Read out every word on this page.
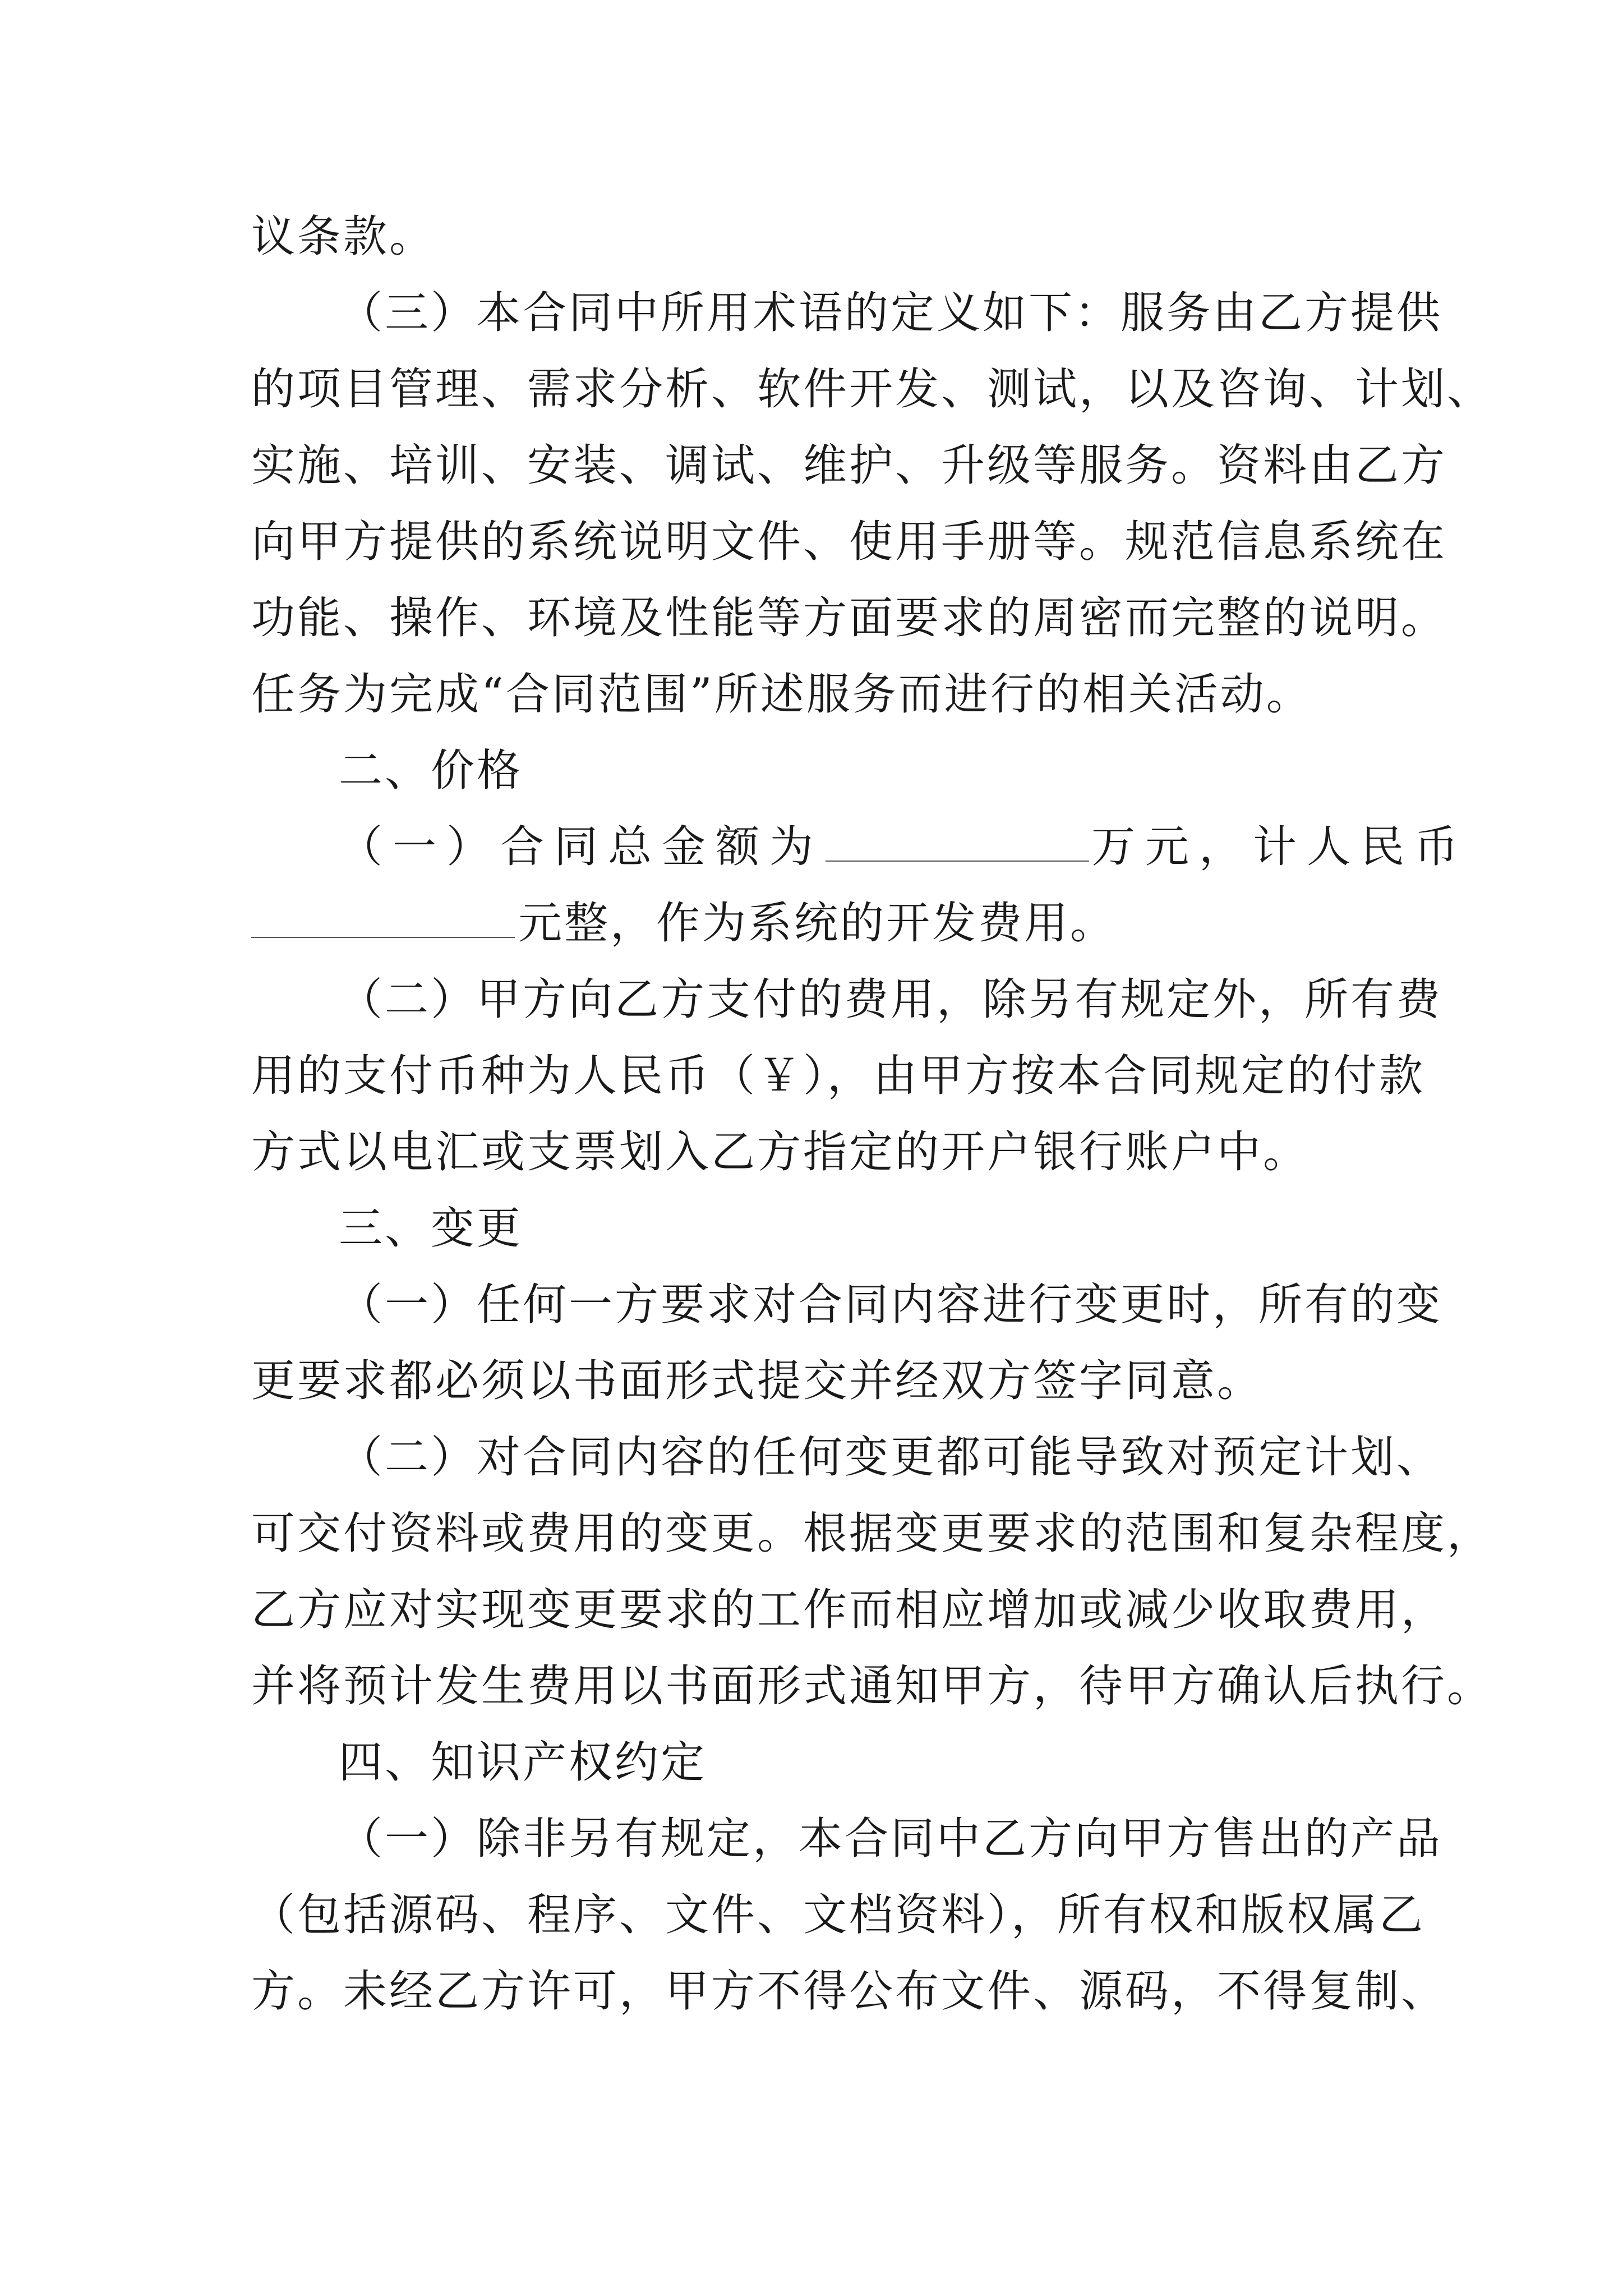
议条款。
（三）本合同中所用术语的定义如下：服务由乙方提供
的项目管理、需求分析、软件开发、测试，以及咨询、计划、
实施、培训、安装、调试、维护、升级等服务。资料由乙方
向甲方提供的系统说明文件、使用手册等。规范信息系统在
功能、操作、环境及性能等方面要求的周密而完整的说明。
任务为完成“合同范围”所述服务而进行的相关活动。
二、价格
（一）合同总金额为	万元，计人民币
元整，作为系统的开发费用。
（二）甲方向乙方支付的费用，除另有规定外，所有费
用的支付币种为人民币（￥），由甲方按本合同规定的付款
方式以电汇或支票划入乙方指定的开户银行账户中。
三、变更
（一）任何一方要求对合同内容进行变更时，所有的变
更要求都必须以书面形式提交并经双方签字同意。
（二）对合同内容的任何变更都可能导致对预定计划、
可交付资料或费用的变更。根据变更要求的范围和复杂程度，
乙方应对实现变更要求的工作而相应增加或减少收取费用，
并将预计发生费用以书面形式通知甲方，待甲方确认后执行。
四、知识产权约定
（一）除非另有规定，本合同中乙方向甲方售出的产品
（包括源码、程序、文件、文档资料），所有权和版权属乙
方。未经乙方许可，甲方不得公布文件、源码，不得复制、
